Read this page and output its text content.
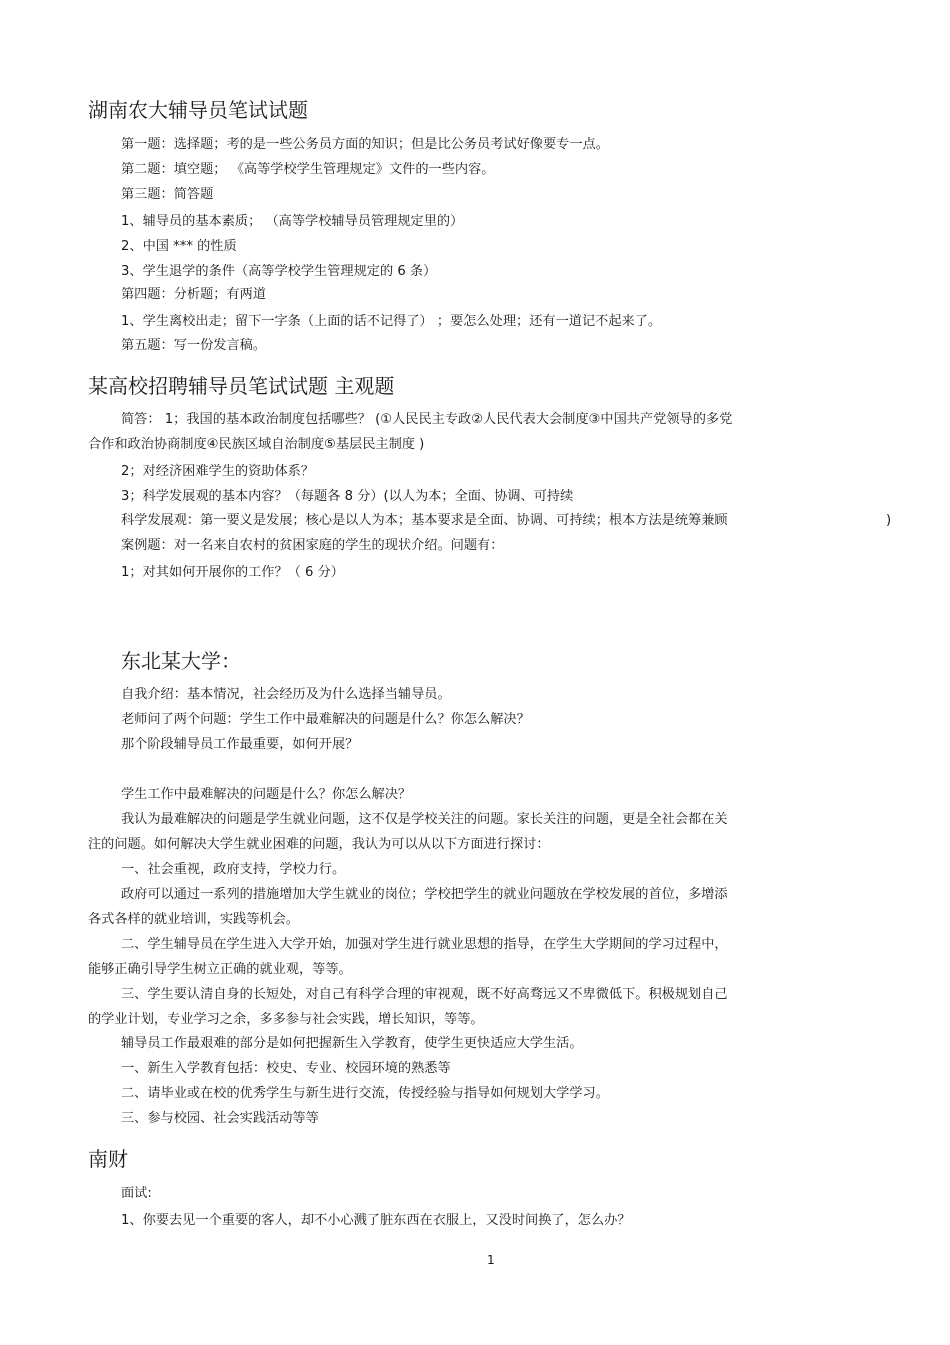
湖南农大辅导员笔试试题
第一题：选择题；考的是一些公务员方面的知识；但是比公务员考试好像要专一点。
第二题：填空题； 《高等学校学生管理规定》文件的一些内容。
第三题：简答题
1、辅导员的基本素质； （高等学校辅导员管理规定里的）
2、中国 *** 的性质
3、学生退学的条件（高等学校学生管理规定的 6 条）
第四题：分析题；有两道
1、学生离校出走；留下一字条（上面的话不记得了） ；要怎么处理；还有一道记不起来了。
第五题：写一份发言稿。
某高校招聘辅导员笔试试题 主观题
简答： 1；我国的基本政治制度包括哪些？ (①人民民主专政②人民代表大会制度③中国共产党领导的多党
合作和政治协商制度④民族区域自治制度⑤基层民主制度 )
2；对经济困难学生的资助体系？
3；科学发展观的基本内容？（每题各 8 分）(以人为本；全面、协调、可持续
科学发展观：第一要义是发展；核心是以人为本；基本要求是全面、协调、可持续；根本方法是统筹兼顾	)
案例题：对一名来自农村的贫困家庭的学生的现状介绍。问题有：
1；对其如何开展你的工作？（ 6 分）
东北某大学：
自我介绍：基本情况，社会经历及为什么选择当辅导员。
老师问了两个问题：学生工作中最难解决的问题是什么？你怎么解决？
那个阶段辅导员工作最重要，如何开展？
学生工作中最难解决的问题是什么？你怎么解决？
我认为最难解决的问题是学生就业问题，这不仅是学校关注的问题。家长关注的问题，更是全社会都在关
注的问题。如何解决大学生就业困难的问题，我认为可以从以下方面进行探讨：
一、社会重视，政府支持，学校力行。
政府可以通过一系列的措施增加大学生就业的岗位；学校把学生的就业问题放在学校发展的首位，多增添
各式各样的就业培训，实践等机会。
二、学生辅导员在学生进入大学开始，加强对学生进行就业思想的指导，在学生大学期间的学习过程中，
能够正确引导学生树立正确的就业观，等等。
三、学生要认清自身的长短处，对自己有科学合理的审视观，既不好高骛远又不卑微低下。积极规划自己
的学业计划，专业学习之余，多多参与社会实践，增长知识，等等。
辅导员工作最艰难的部分是如何把握新生入学教育，使学生更快适应大学生活。
一、新生入学教育包括：校史、专业、校园环境的熟悉等
二、请毕业或在校的优秀学生与新生进行交流，传授经验与指导如何规划大学学习。
三、参与校园、社会实践活动等等
南财
面试:
1、你要去见一个重要的客人，却不小心溅了脏东西在衣服上，又没时间换了，怎么办？
1
